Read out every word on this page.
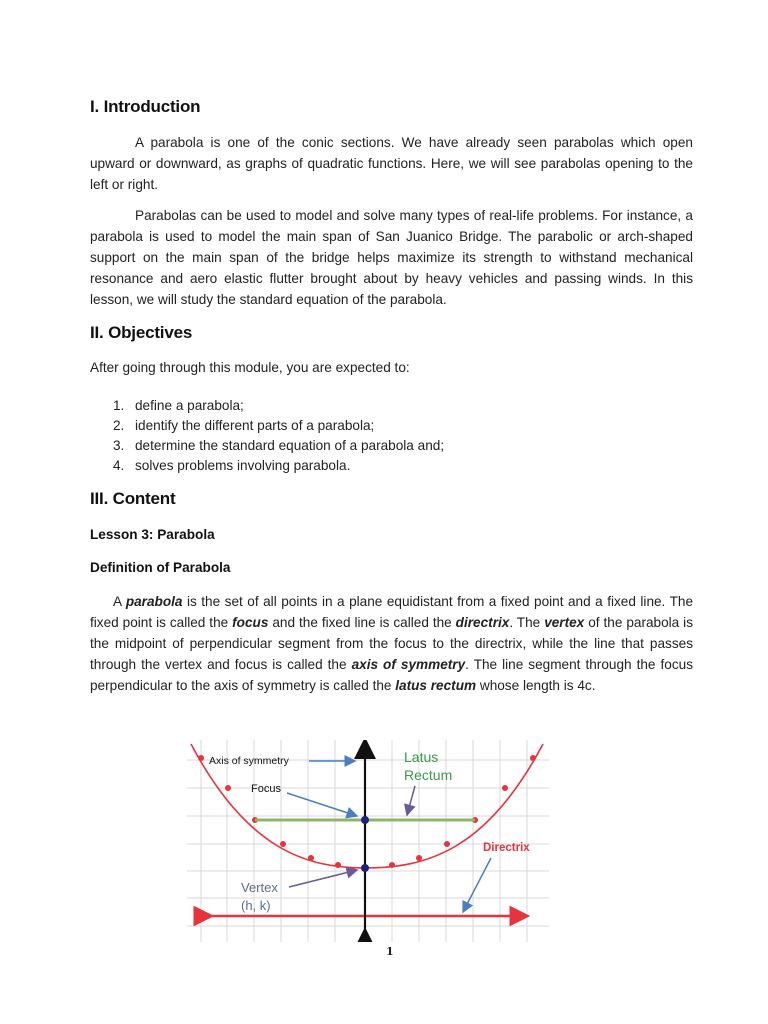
I. Introduction

A parabola is one of the conic sections. We have already seen parabolas which open upward or downward, as graphs of quadratic functions. Here, we will see parabolas opening to the left or right.

Parabolas can be used to model and solve many types of real-life problems. For instance, a parabola is used to model the main span of San Juanico Bridge. The parabolic or arch-shaped support on the main span of the bridge helps maximize its strength to withstand mechanical resonance and aero elastic flutter brought about by heavy vehicles and passing winds. In this lesson, we will study the standard equation of the parabola.

II. Objectives

After going through this module, you are expected to:

1. define a parabola;
2. identify the different parts of a parabola;
3. determine the standard equation of a parabola and;
4. solves problems involving parabola.
III. Content

Lesson 3: Parabola

Definition of Parabola

A parabola is the set of all points in a plane equidistant from a fixed point and a fixed line. The fixed point is called the focus and the fixed line is called the directrix. The vertex of the parabola is the midpoint of perpendicular segment from the focus to the directrix, while the line that passes through the vertex and focus is called the axis of symmetry. The line segment through the focus perpendicular to the axis of symmetry is called the latus rectum whose length is 4c.

Axis of symmetry
Focus
Latus
Rectum
Directrix
Vertex
(h, k)
1
